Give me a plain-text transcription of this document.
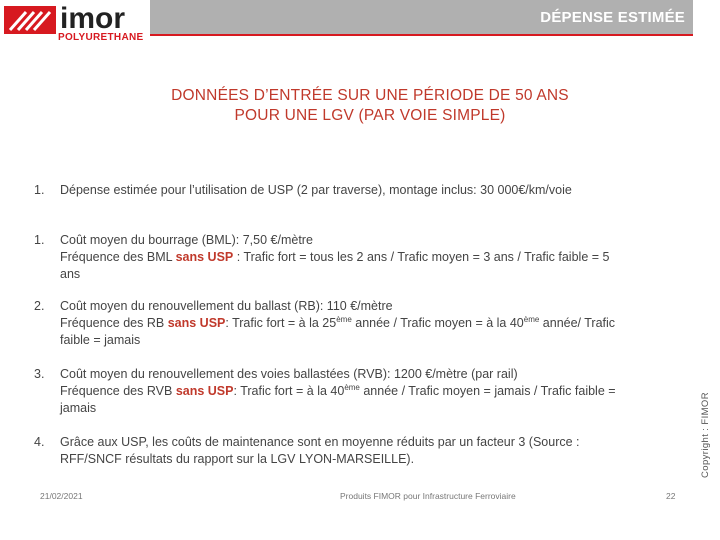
imor
POLYURETHANE
DÉPENSE ESTIMÉE
DONNÉES D’ENTRÉE SUR UNE PÉRIODE DE 50 ANS
POUR UNE LGV (PAR VOIE SIMPLE)
1.	Dépense estimée pour l’utilisation de USP (2 par traverse), montage inclus: 30 000€/km/voie
1.	Coût moyen du bourrage (BML): 7,50 €/mètre
Fréquence des BML sans USP : Trafic fort = tous les 2 ans / Trafic moyen = 3 ans / Trafic faible = 5
ans
2.	Coût moyen du renouvellement du ballast (RB): 110 €/mètre
Fréquence des RB sans USP: Trafic fort = à la 25ème année / Trafic moyen = à la 40ème année/ Trafic
faible = jamais
3.	Coût moyen du renouvellement des voies ballastées (RVB): 1200 €/mètre (par rail)
Fréquence des RVB sans USP: Trafic fort = à la 40ème année / Trafic moyen = jamais / Trafic faible =
jamais
4.	Grâce aux USP, les coûts de maintenance sont en moyenne réduits par un facteur 3 (Source :
RFF/SNCF résultats du rapport sur la LGV LYON-MARSEILLE).	Copyright : FIMOR
21/02/2021	Produits FIMOR pour Infrastructure Ferroviaire	22
